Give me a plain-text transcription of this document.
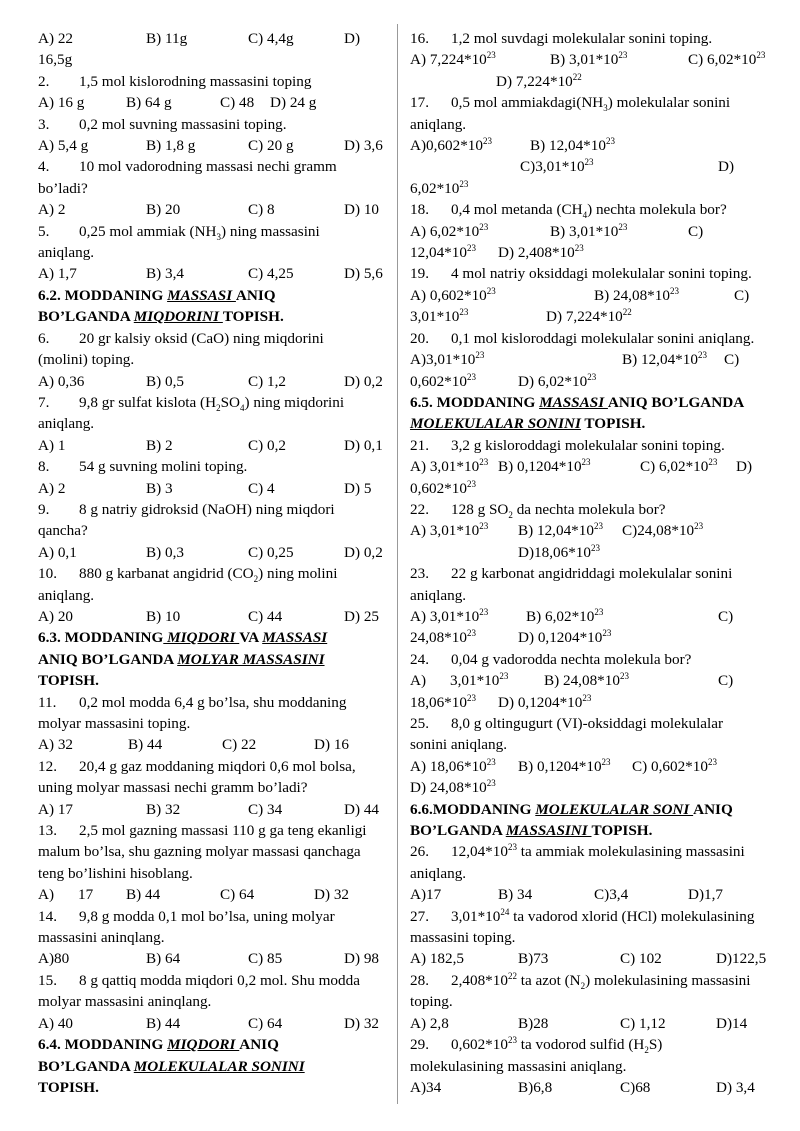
A) 22	B) 11g	C) 4,4g	D)
16,5g
2. 1,5 mol kislorodning massasini toping
A) 16 g	B) 64 g	C) 48 D) 24 g
3. 0,2 mol suvning massasini toping.
A) 5,4 g	B) 1,8 g	C) 20 g	D) 3,6
4. 10 mol vadorodning massasi nechi gramm
bo’ladi?
A) 2	B) 20	C) 8	D) 10
5. 0,25 mol ammiak $(NH_3)$ ning massasini
aniqlang.
A) 1,7	B) 3,4	C) 4,25	D) 5,6
6.2. MODDANING MASSASI ANIQ
BO’LGANDA MIQDORINI TOPISH.
6. 20 gr kalsiy oksid (CaO) ning miqdorini
(molini) toping.
A) 0,36	B) 0,5	C) 1,2	D) 0,2
7. 9,8 gr sulfat kislota $(H_2SO_4)$ ning miqdorini
aniqlang.
A) 1	B) 2	C) 0,2	D) 0,1
8. 54 g suvning molini toping.
A) 2	B) 3	C) 4	D) 5
9. 8 g natriy gidroksid (NaOH) ning miqdori
qancha?
A) 0,1	B) 0,3	C) 0,25	D) 0,2
10. 880 g karbanat angidrid $(CO_2)$ ning molini
aniqlang.
A) 20	B) 10	C) 44	D) 25
6.3. MODDANING MIQDORI VA MASSASI
ANIQ BO’LGANDA MOLYAR MASSASINI
TOPISH.
11. 0,2 mol modda 6,4 g bo’lsa, shu moddaning
molyar massasini toping.
A) 32	B) 44	C) 22	D) 16
12. 20,4 g gaz moddaning miqdori 0,6 mol bolsa,
uning molyar massasi nechi gramm bo’ladi?
A) 17	B) 32	C) 34	D) 44
13. 2,5 mol gazning massasi 110 g ga teng ekanligi
malum bo’lsa, shu gazning molyar massasi qanchaga
teng bo’lishini hisoblang.
A) 17 B) 44	C) 64	D) 32
14. 9,8 g modda 0,1 mol bo’lsa, uning molyar
massasini aninqlang.
A)80	B) 64	C) 85	D) 98
15. 8 g qattiq modda miqdori 0,2 mol. Shu modda
molyar massasini aninqlang.
A) 40	B) 44	C) 64	D) 32
6.4. MODDANING MIQDORI ANIQ
BO’LGANDA MOLEKULALAR SONINI
TOPISH.
16. 1,2 mol suvdagi molekulalar sonini toping.
A) $7,224*10^{23}$	B) $3,01*10^{23}$	C) $6,02*10^{23}$
D) $7,224*10^{22}$
17. 0,5 mol $ammiakdagi(NH_3)$ molekulalar sonini
aniqlang.
$A)0,602*10^{23}$	B) $12,04*10^{23}$
$C)3,01*10^{23}$	D)
$6,02*10^{23}$
18. 0,4 mol metanda $(CH_4)$ nechta molekula bor?
A) $6,02*10^{23}$	B) $3,01*10^{23}$	C)
$12,04*10^{23}$ D) $2,408*10^{23}$
19. 4 mol natriy oksiddagi molekulalar sonini toping.
A) $0,602*10^{23}$	B) $24,08*10^{23}$	C)
$3,01*10^{23}$	D) $7,224*10^{22}$
20. 0,1 mol kisloroddagi molekulalar sonini aniqlang.
$A)3,01*10^{23}$	B) $12,04*10^{23}$ C)
$0,602*10^{23}$	D) $6,02*10^{23}$
6.5. MODDANING MASSASI ANIQ BO’LGANDA
MOLEKULALAR SONINI TOPISH.
21. 3,2 g kisloroddagi molekulalar sonini toping.
A) $3,01*10^{23}$ B) $0,1204*10^{23}$	C) $6,02*10^{23}$ D)
$0,602*10^{23}$
22. 128 g $SO_2$ da nechta molekula bor?
A) $3,01*10^{23}$ B) $12,04*10^{23}$ $C)24,08*10^{23}$
$D)18,06*10^{23}$
23. 22 g karbonat angidriddagi molekulalar sonini
aniqlang.
A) $3,01*10^{23}$ B) $6,02*10^{23}$	C)
$24,08*10^{23}$	D) $0,1204*10^{23}$
24. 0,04 g vadorodda nechta molekula bor?
A) $3,01*10^{23}$ B) $24,08*10^{23}$	C)
$18,06*10^{23}$ D) $0,1204*10^{23}$
25. 8,0 g oltingugurt (VI)-oksiddagi molekulalar
sonini aniqlang.
A) $18,06*10^{23}$ B) $0,1204*10^{23}$ C) $0,602*10^{23}$
D) $24,08*10^{23}$
6.6.MODDANING MOLEKULALAR SONI ANIQ
BO’LGANDA MASSASINI TOPISH.
26. $12,04*10^{23}$ ta ammiak molekulasining massasini
aniqlang.
A)17	B) 34	C)3,4	D)1,7
27. $3,01*10^{24}$ ta vadorod xlorid (HCl) molekulasining
massasini toping.
A) 182,5	B)73	C) 102	D)122,5
28. $2,408*10^{22}$ ta azot $(N_2)$ molekulasining massasini
toping.
A) 2,8	B)28	C) 1,12	D)14
29. $0,602*10^{23}$ ta vodorod sulfid $(H_2S)$
molekulasining massasini aniqlang.
A)34	B)6,8	C)68	D) 3,4
